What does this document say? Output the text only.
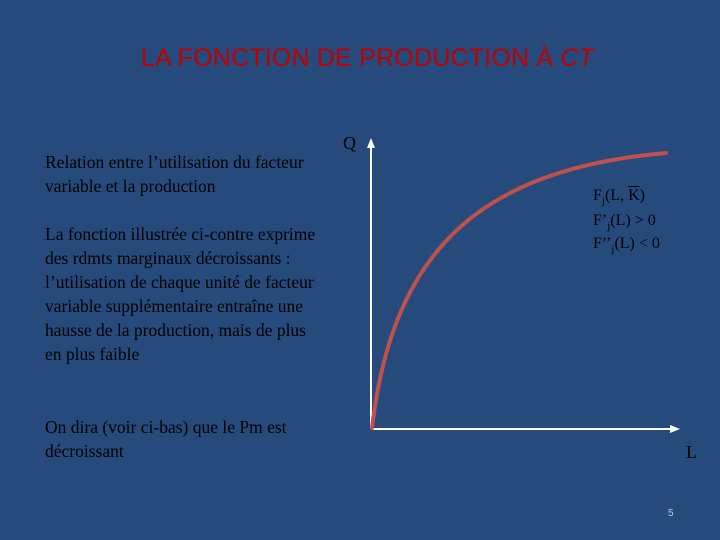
LA FONCTION DE PRODUCTION À CT
Relation entre l’utilisation du facteur variable et la production
La fonction illustrée ci-contre exprime des rdmts marginaux décroissants : l’utilisation de chaque unité de facteur variable supplémentaire entraîne une hausse de la production, mais de plus en plus faible
On dira (voir ci-bas) que le Pm est décroissant
Q
L
$F_j(L$, $\overline{K}$)
$F’_j(L) > 0$
$F’’_j(L) < 0$
5
